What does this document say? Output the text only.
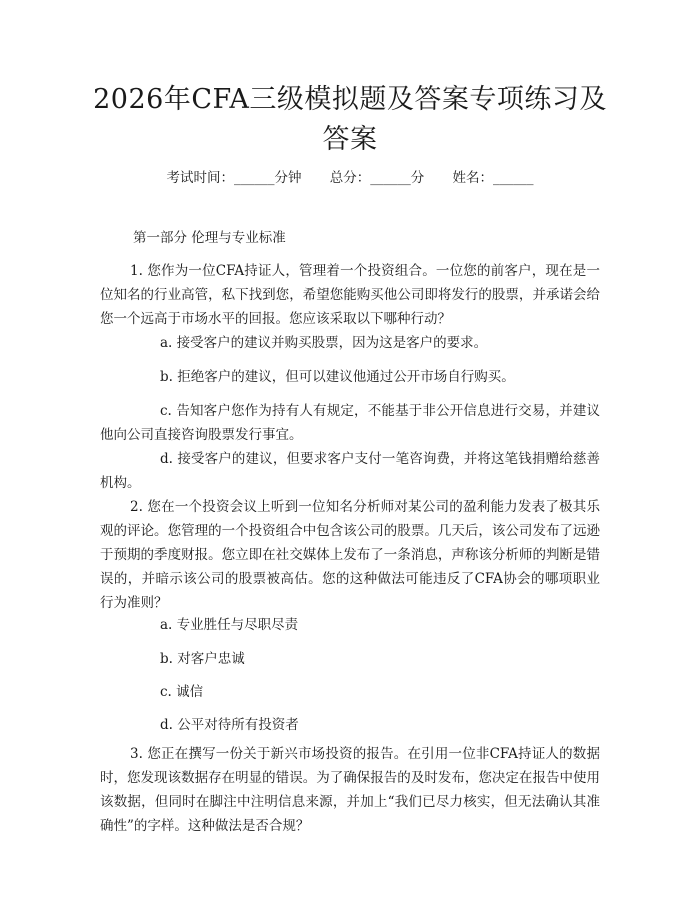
2026年CFA三级模拟题及答案专项练习及答案
考试时间：______分钟 总分：______分 姓名：______
第一部分 伦理与专业标准
1. 您作为一位CFA持证人，管理着一个投资组合。一位您的前客户，现在是一位知名的行业高管，私下找到您，希望您能购买他公司即将发行的股票，并承诺会给您一个远高于市场水平的回报。您应该采取以下哪种行动？
a. 接受客户的建议并购买股票，因为这是客户的要求。
b. 拒绝客户的建议，但可以建议他通过公开市场自行购买。
c. 告知客户您作为持有人有规定，不能基于非公开信息进行交易，并建议他向公司直接咨询股票发行事宜。
d. 接受客户的建议，但要求客户支付一笔咨询费，并将这笔钱捐赠给慈善机构。
2. 您在一个投资会议上听到一位知名分析师对某公司的盈利能力发表了极其乐观的评论。您管理的一个投资组合中包含该公司的股票。几天后，该公司发布了远逊于预期的季度财报。您立即在社交媒体上发布了一条消息，声称该分析师的判断是错误的，并暗示该公司的股票被高估。您的这种做法可能违反了CFA协会的哪项职业行为准则？
a. 专业胜任与尽职尽责
b. 对客户忠诚
c. 诚信
d. 公平对待所有投资者
3. 您正在撰写一份关于新兴市场投资的报告。在引用一位非CFA持证人的数据时，您发现该数据存在明显的错误。为了确保报告的及时发布，您决定在报告中使用该数据，但同时在脚注中注明信息来源，并加上“我们已尽力核实，但无法确认其准确性”的字样。这种做法是否合规？
